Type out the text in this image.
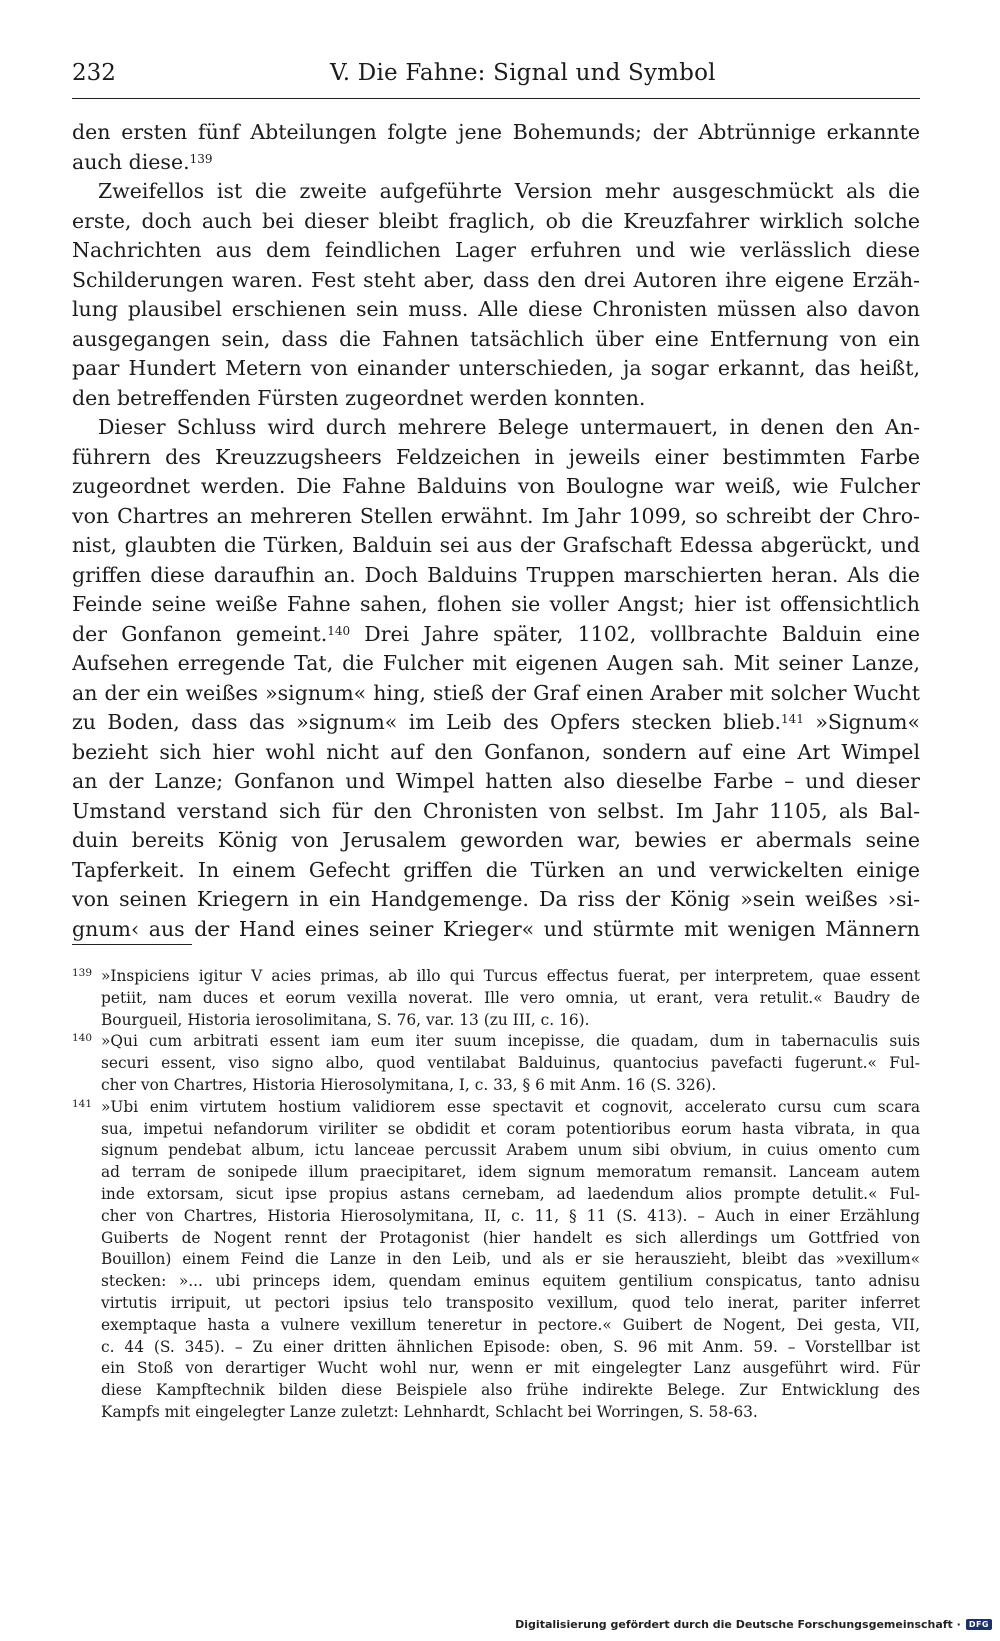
232	V. Die Fahne: Signal und Symbol
den ersten fünf Abteilungen folgte jene Bohemunds; der Abtrünnige erkannte
auch diese.$^{139}$
Zweifellos ist die zweite aufgeführte Version mehr ausgeschmückt als die
erste, doch auch bei dieser bleibt fraglich, ob die Kreuzfahrer wirklich solche
Nachrichten aus dem feindlichen Lager erfuhren und wie verlässlich diese
Schilderungen waren. Fest steht aber, dass den drei Autoren ihre eigene Erzäh-
lung plausibel erschienen sein muss. Alle diese Chronisten müssen also davon
ausgegangen sein, dass die Fahnen tatsächlich über eine Entfernung von ein
paar Hundert Metern von einander unterschieden, ja sogar erkannt, das heißt,
den betreffenden Fürsten zugeordnet werden konnten.
Dieser Schluss wird durch mehrere Belege untermauert, in denen den An-
führern des Kreuzzugsheers Feldzeichen in jeweils einer bestimmten Farbe
zugeordnet werden. Die Fahne Balduins von Boulogne war weiß, wie Fulcher
von Chartres an mehreren Stellen erwähnt. Im Jahr 1099, so schreibt der Chro-
nist, glaubten die Türken, Balduin sei aus der Grafschaft Edessa abgerückt, und
griffen diese daraufhin an. Doch Balduins Truppen marschierten heran. Als die
Feinde seine weiße Fahne sahen, flohen sie voller Angst; hier ist offensichtlich
der Gonfanon gemeint.$^{140}$ Drei Jahre später, 1102, vollbrachte Balduin eine
Aufsehen erregende Tat, die Fulcher mit eigenen Augen sah. Mit seiner Lanze,
an der ein weißes »signum« hing, stieß der Graf einen Araber mit solcher Wucht
zu Boden, dass das »signum« im Leib des Opfers stecken blieb.$^{141}$ »Signum«
bezieht sich hier wohl nicht auf den Gonfanon, sondern auf eine Art Wimpel
an der Lanze; Gonfanon und Wimpel hatten also dieselbe Farbe – und dieser
Umstand verstand sich für den Chronisten von selbst. Im Jahr 1105, als Bal-
duin bereits König von Jerusalem geworden war, bewies er abermals seine
Tapferkeit. In einem Gefecht griffen die Türken an und verwickelten einige
von seinen Kriegern in ein Handgemenge. Da riss der König »sein weißes ›si-
gnum‹ aus der Hand eines seiner Krieger« und stürmte mit wenigen Männern
139 »Inspiciens igitur V acies primas, ab illo qui Turcus effectus fuerat, per interpretem, quae essent
petiit, nam duces et eorum vexilla noverat. Ille vero omnia, ut erant, vera retulit.« Baudry de
Bourgueil, Historia ierosolimitana, S. 76, var. 13 (zu III, c. 16).
140 »Qui cum arbitrati essent iam eum iter suum incepisse, die quadam, dum in tabernaculis suis
securi essent, viso signo albo, quod ventilabat Balduinus, quantocius pavefacti fugerunt.« Ful-
cher von Chartres, Historia Hierosolymitana, I, c. 33, § 6 mit Anm. 16 (S. 326).
141 »Ubi enim virtutem hostium validiorem esse spectavit et cognovit, accelerato cursu cum scara
sua, impetui nefandorum viriliter se obdidit et coram potentioribus eorum hasta vibrata, in qua
signum pendebat album, ictu lanceae percussit Arabem unum sibi obvium, in cuius omento cum
ad terram de sonipede illum praecipitaret, idem signum memoratum remansit. Lanceam autem
inde extorsam, sicut ipse propius astans cernebam, ad laedendum alios prompte detulit.« Ful-
cher von Chartres, Historia Hierosolymitana, II, c. 11, § 11 (S. 413). – Auch in einer Erzählung
Guiberts de Nogent rennt der Protagonist (hier handelt es sich allerdings um Gottfried von
Bouillon) einem Feind die Lanze in den Leib, und als er sie herauszieht, bleibt das »vexillum«
stecken: »... ubi princeps idem, quendam eminus equitem gentilium conspicatus, tanto adnisu
virtutis irripuit, ut pectori ipsius telo transposito vexillum, quod telo inerat, pariter inferret
exemptaque hasta a vulnere vexillum teneretur in pectore.« Guibert de Nogent, Dei gesta, VII,
c. 44 (S. 345). – Zu einer dritten ähnlichen Episode: oben, S. 96 mit Anm. 59. – Vorstellbar ist
ein Stoß von derartiger Wucht wohl nur, wenn er mit eingelegter Lanz ausgeführt wird. Für
diese Kampftechnik bilden diese Beispiele also frühe indirekte Belege. Zur Entwicklung des
Kampfs mit eingelegter Lanze zuletzt: Lehnhardt, Schlacht bei Worringen, S. 58-63.
Digitalisierung gefördert durch die Deutsche Forschungsgemeinschaft ·	DFG
